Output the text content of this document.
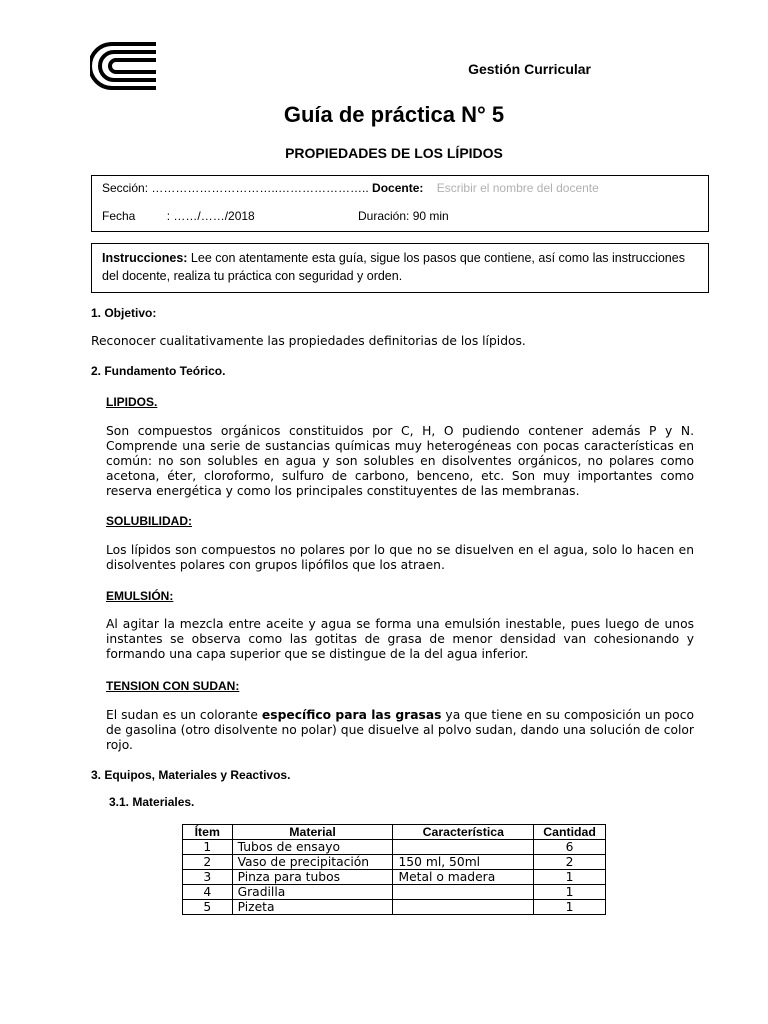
Gestión Curricular
Guía de práctica N° 5
PROPIEDADES DE LOS LÍPIDOS
Sección: …………………………..………………….. Docente: Escribir el nombre del docente
Fecha	: ……/……/2018	Duración: 90 min
Instrucciones: Lee con atentamente esta guía, sigue los pasos que contiene, así como las instrucciones del docente, realiza tu práctica con seguridad y orden.
1. Objetivo:

Reconocer cualitativamente las propiedades definitorias de los lípidos.

2. Fundamento Teórico.
LIPIDOS.

Son compuestos orgánicos constituidos por C, H, O pudiendo contener además P y N. Comprende una serie de sustancias químicas muy heterogéneas con pocas características en común: no son solubles en agua y son solubles en disolventes orgánicos, no polares como acetona, éter, cloroformo, sulfuro de carbono, benceno, etc. Son muy importantes como reserva energética y como los principales constituyentes de las membranas.

SOLUBILIDAD:

Los lípidos son compuestos no polares por lo que no se disuelven en el agua, solo lo hacen en disolventes polares con grupos lipófilos que los atraen.

EMULSIÓN:

Al agitar la mezcla entre aceite y agua se forma una emulsión inestable, pues luego de unos instantes se observa como las gotitas de grasa de menor densidad van cohesionando y formando una capa superior que se distingue de la del agua inferior.

TENSION CON SUDAN:

El sudan es un colorante específico para las grasas ya que tiene en su composición un poco de gasolina (otro disolvente no polar) que disuelve al polvo sudan, dando una solución de color rojo.

3. Equipos, Materiales y Reactivos.
3.1. Materiales.
Ítem	Material	Característica	Cantidad
1	Tubos de ensayo		6
2	Vaso de precipitación	150 ml, 50ml	2
3	Pinza para tubos	Metal o madera	1
4	Gradilla		1
5	Pizeta		1
